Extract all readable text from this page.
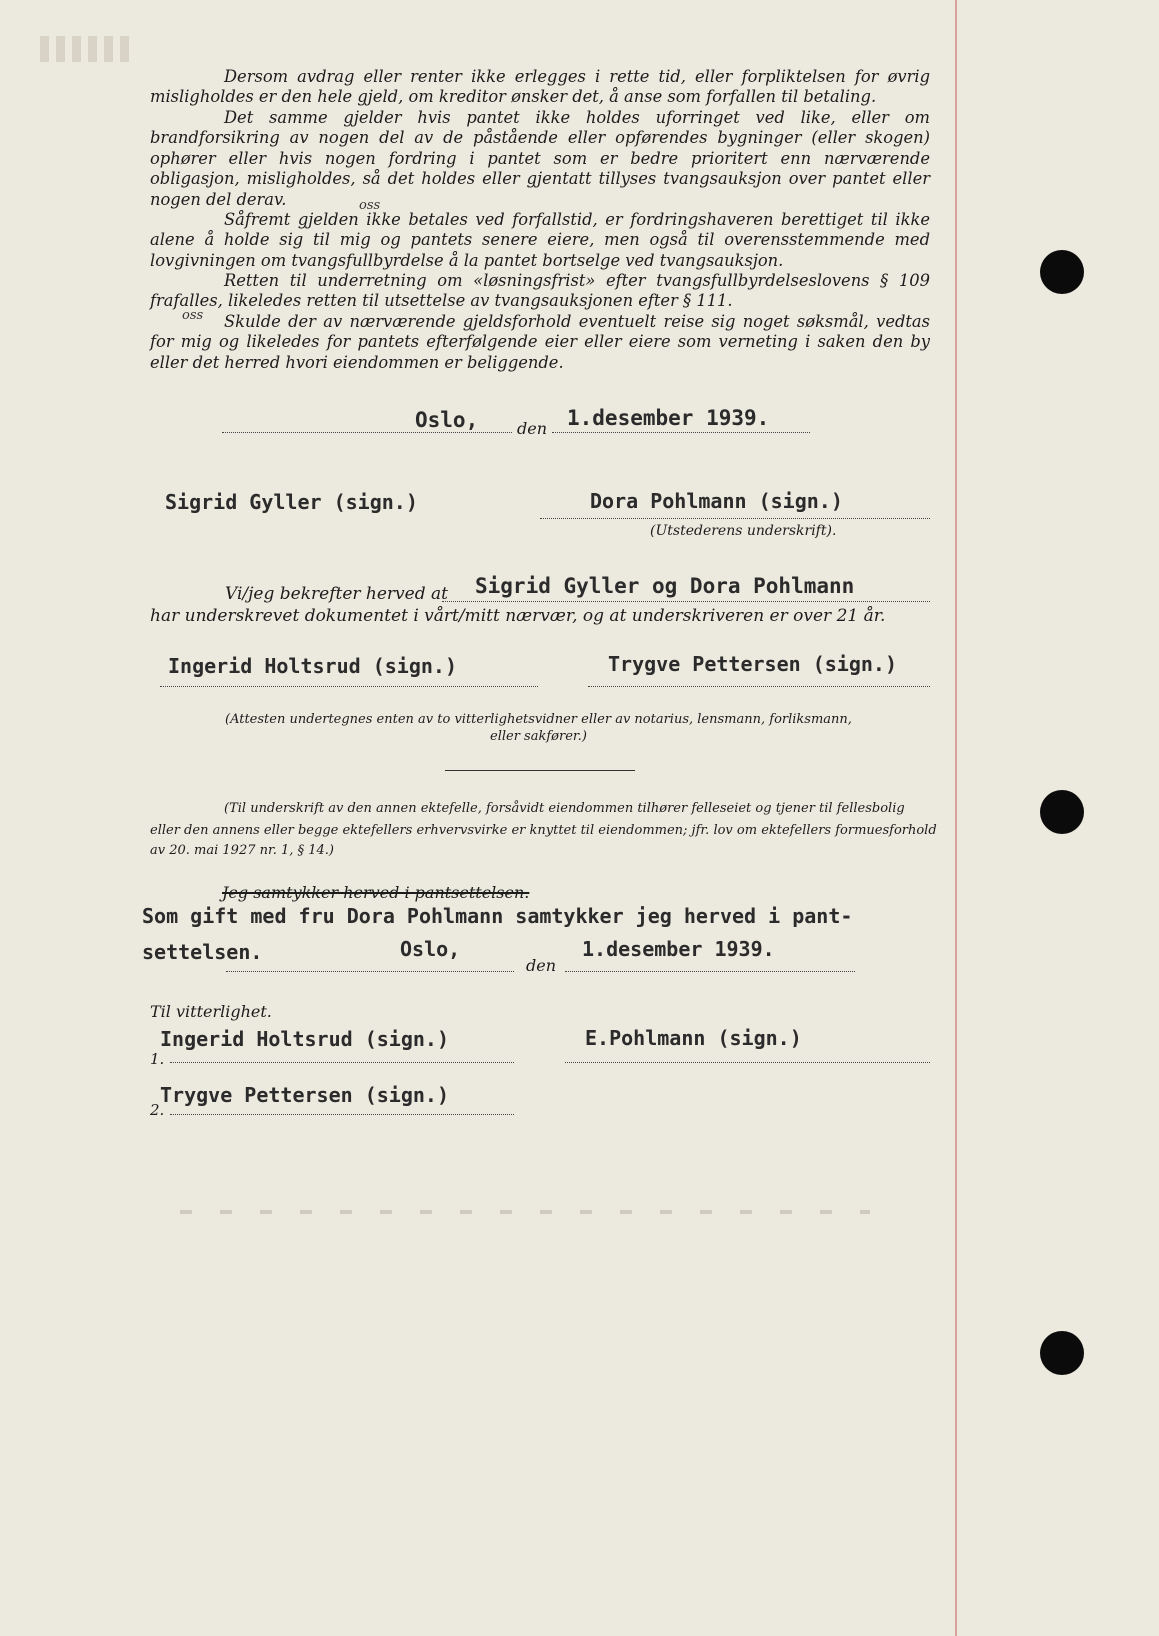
Dersom avdrag eller renter ikke erlegges i rette tid, eller forpliktelsen for øvrig misligholdes er den hele gjeld, om kreditor ønsker det, å anse som forfallen til betaling.
Det samme gjelder hvis pantet ikke holdes uforringet ved like, eller om brandforsikring av nogen del av de påstående eller opførendes bygninger (eller skogen) ophører eller hvis nogen fordring i pantet som er bedre prioritert enn nærværende obligasjon, misligholdes, så det holdes eller gjentatt tillyses tvangsauksjon over pantet eller nogen del derav.
Såfremt gjelden ikke betales ved forfallstid, er fordringshaveren berettiget til ikke alene å holde sig til mig og pantets senere eiere, men også til overensstemmende med lovgivningen om tvangsfullbyrdelse å la pantet bortselge ved tvangsauksjon.
Retten til underretning om «løsningsfrist» efter tvangsfullbyrdelseslovens § 109 frafalles, likeledes retten til utsettelse av tvangsauksjonen efter § 111.
Skulde der av nærværende gjeldsforhold eventuelt reise sig noget søksmål, vedtas for mig og likeledes for pantets efterfølgende eier eller eiere som verneting i saken den by eller det herred hvori eiendommen er beliggende.
oss
oss
Oslo, den 1.desember 1939.
Sigrid Gyller (sign.)	Dora Pohlmann (sign.)
(Utstederens underskrift).
Vi/jeg bekrefter herved at Sigrid Gyller og Dora Pohlmann
har underskrevet dokumentet i vårt/mitt nærvær, og at underskriveren er over 21 år.
Ingerid Holtsrud (sign.)	Trygve Pettersen (sign.)
(Attesten undertegnes enten av to vitterlighetsvidner eller av notarius, lensmann, forliksmann,
eller sakfører.)
(Til underskrift av den annen ektefelle, forsåvidt eiendommen tilhører felleseiet og tjener til fellesbolig
eller den annens eller begge ektefellers erhvervsvirke er knyttet til eiendommen; jfr. lov om ektefellers formuesforhold
av 20. mai 1927 nr. 1, § 14.)
Jeg samtykker herved i pantsettelsen.
Som gift med fru Dora Pohlmann samtykker jeg herved i pant-
settelsen.	Oslo,
den
1.desember 1939.
Til vitterlighet.
1.
Ingerid Holtsrud (sign.)	E.Pohlmann (sign.)
2.
Trygve Pettersen (sign.)
